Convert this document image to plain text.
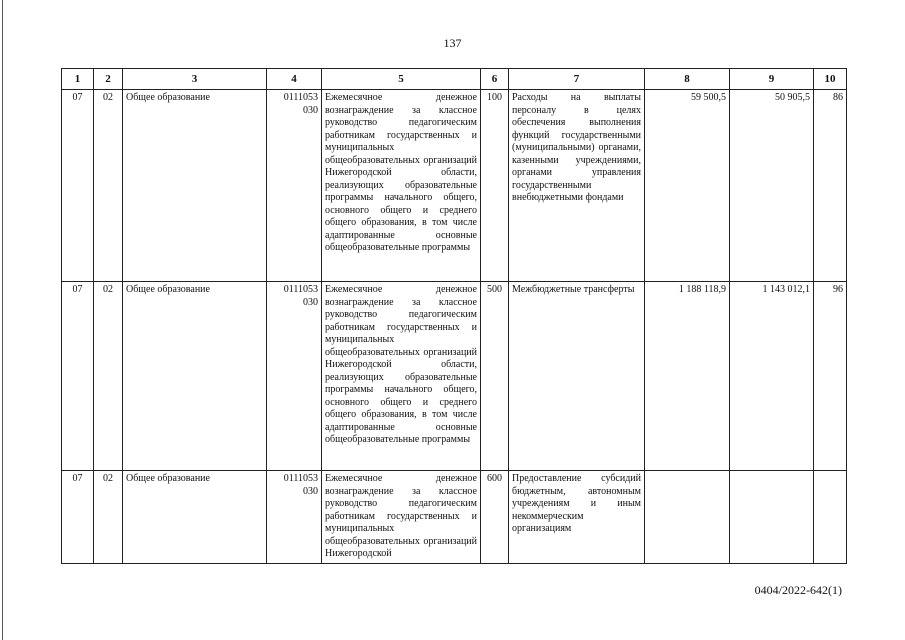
137
1	2	3	4	5	6	7	8	9	10
07	02	Общее образование	0111053 030	Ежемесячное денежное вознаграждение за классное руководство педагогическим работникам государственных и муниципальных общеобразовательных организаций Нижегородской области, реализующих образовательные программы начального общего, основного общего и среднего общего образования, в том числе адаптированные основные общеобразовательные программы	100	Расходы на выплаты персоналу в целях обеспечения выполнения функций государственными (муниципальными) органами, казенными учреждениями, органами управления государственными внебюджетными фондами	59 500,5	50 905,5	86
07	02	Общее образование	0111053 030	Ежемесячное денежное вознаграждение за классное руководство педагогическим работникам государственных и муниципальных общеобразовательных организаций Нижегородской области, реализующих образовательные программы начального общего, основного общего и среднего общего образования, в том числе адаптированные основные общеобразовательные программы	500	Межбюджетные трансферты	1 188 118,9	1 143 012,1	96
07	02	Общее образование	0111053 030	Ежемесячное денежное вознаграждение за классное руководство педагогическим работникам государственных и муниципальных общеобразовательных организаций Нижегородской	600	Предоставление субсидий бюджетным, автономным учреждениям и иным некоммерческим организациям			
0404/2022-642(1)
